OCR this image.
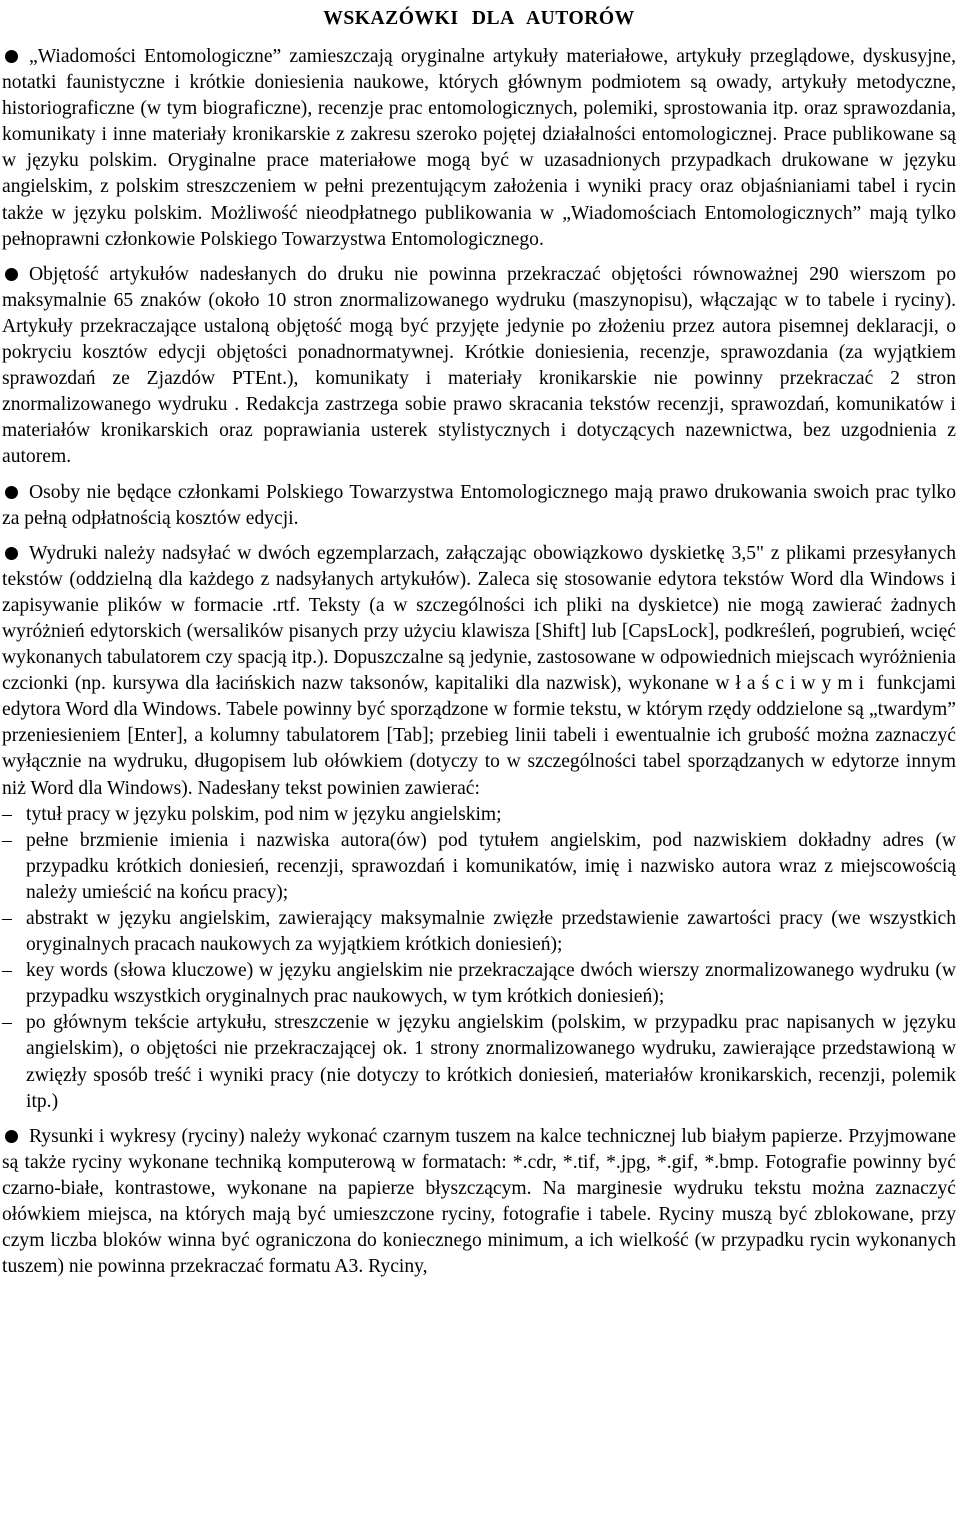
WSKAZÓWKI DLA AUTORÓW

„Wiadomości Entomologiczne” zamieszczają oryginalne artykuły materiałowe, artykuły przeglądowe, dyskusyjne, notatki faunistyczne i krótkie doniesienia naukowe, których głównym podmiotem są owady, artykuły metodyczne, historiograficzne (w tym biograficzne), recenzje prac entomologicznych, polemiki, sprostowania itp. oraz sprawozdania, komunikaty i inne materiały kronikarskie z zakresu szeroko pojętej działalności entomologicznej. Prace publikowane są w języku polskim. Oryginalne prace materiałowe mogą być w uzasadnionych przypadkach drukowane w języku angielskim, z polskim streszczeniem w pełni prezentującym założenia i wyniki pracy oraz objaśnianiami tabel i rycin także w języku polskim. Możliwość nieodpłatnego publikowania w „Wiadomościach Entomologicznych” mają tylko pełnoprawni członkowie Polskiego Towarzystwa Entomologicznego.

Objętość artykułów nadesłanych do druku nie powinna przekraczać objętości równoważnej 290 wierszom po maksymalnie 65 znaków (około 10 stron znormalizowanego wydruku (maszynopisu), włączając w to tabele i ryciny). Artykuły przekraczające ustaloną objętość mogą być przyjęte jedynie po złożeniu przez autora pisemnej deklaracji, o pokryciu kosztów edycji objętości ponadnormatywnej. Krótkie doniesienia, recenzje, sprawozdania (za wyjątkiem sprawozdań ze Zjazdów PTEnt.), komunikaty i materiały kronikarskie nie powinny przekraczać 2 stron znormalizowanego wydruku . Redakcja zastrzega sobie prawo skracania tekstów recenzji, sprawozdań, komunikatów i materiałów kronikarskich oraz poprawiania usterek stylistycznych i dotyczących nazewnictwa, bez uzgodnienia z autorem.

Osoby nie będące członkami Polskiego Towarzystwa Entomologicznego mają prawo drukowania swoich prac tylko za pełną odpłatnością kosztów edycji.

Wydruki należy nadsyłać w dwóch egzemplarzach, załączając obowiązkowo dyskietkę 3,5" z plikami przesyłanych tekstów (oddzielną dla każdego z nadsyłanych artykułów). Zaleca się stosowanie edytora tekstów Word dla Windows i zapisywanie plików w formacie .rtf. Teksty (a w szczególności ich pliki na dyskietce) nie mogą zawierać żadnych wyróżnień edytorskich (wersalików pisanych przy użyciu klawisza [Shift] lub [CapsLock], podkreśleń, pogrubień, wcięć wykonanych tabulatorem czy spacją itp.). Dopuszczalne są jedynie, zastosowane w odpowiednich miejscach wyróżnienia czcionki (np. kursywa dla łacińskich nazw taksonów, kapitaliki dla nazwisk), wykonane właściwymi funkcjami edytora Word dla Windows. Tabele powinny być sporządzone w formie tekstu, w którym rzędy oddzielone są „twardym” przeniesieniem [Enter], a kolumny tabulatorem [Tab]; przebieg linii tabeli i ewentualnie ich grubość można zaznaczyć wyłącznie na wydruku, długopisem lub ołówkiem (dotyczy to w szczególności tabel sporządzanych w edytorze innym niż Word dla Windows). Nadesłany tekst powinien zawierać:

– tytuł pracy w języku polskim, pod nim w języku angielskim;
– pełne brzmienie imienia i nazwiska autora(ów) pod tytułem angielskim, pod nazwiskiem dokładny adres (w przypadku krótkich doniesień, recenzji, sprawozdań i komunikatów, imię i nazwisko autora wraz z miejscowością należy umieścić na końcu pracy);
– abstrakt w języku angielskim, zawierający maksymalnie zwięzłe przedstawienie zawartości pracy (we wszystkich oryginalnych pracach naukowych za wyjątkiem krótkich doniesień);
– key words (słowa kluczowe) w języku angielskim nie przekraczające dwóch wierszy znormalizowanego wydruku (w przypadku wszystkich oryginalnych prac naukowych, w tym krótkich doniesień);
– po głównym tekście artykułu, streszczenie w języku angielskim (polskim, w przypadku prac napisanych w języku angielskim), o objętości nie przekraczającej ok. 1 strony znormalizowanego wydruku, zawierające przedstawioną w zwięzły sposób treść i wyniki pracy (nie dotyczy to krótkich doniesień, materiałów kronikarskich, recenzji, polemik itp.)

Rysunki i wykresy (ryciny) należy wykonać czarnym tuszem na kalce technicznej lub białym papierze. Przyjmowane są także ryciny wykonane techniką komputerową w formatach: *.cdr, *.tif, *.jpg, *.gif, *.bmp. Fotografie powinny być czarno-białe, kontrastowe, wykonane na papierze błyszczącym. Na marginesie wydruku tekstu można zaznaczyć ołówkiem miejsca, na których mają być umieszczone ryciny, fotografie i tabele. Ryciny muszą być zblokowane, przy czym liczba bloków winna być ograniczona do koniecznego minimum, a ich wielkość (w przypadku rycin wykonanych tuszem) nie powinna przekraczać formatu A3. Ryciny,
